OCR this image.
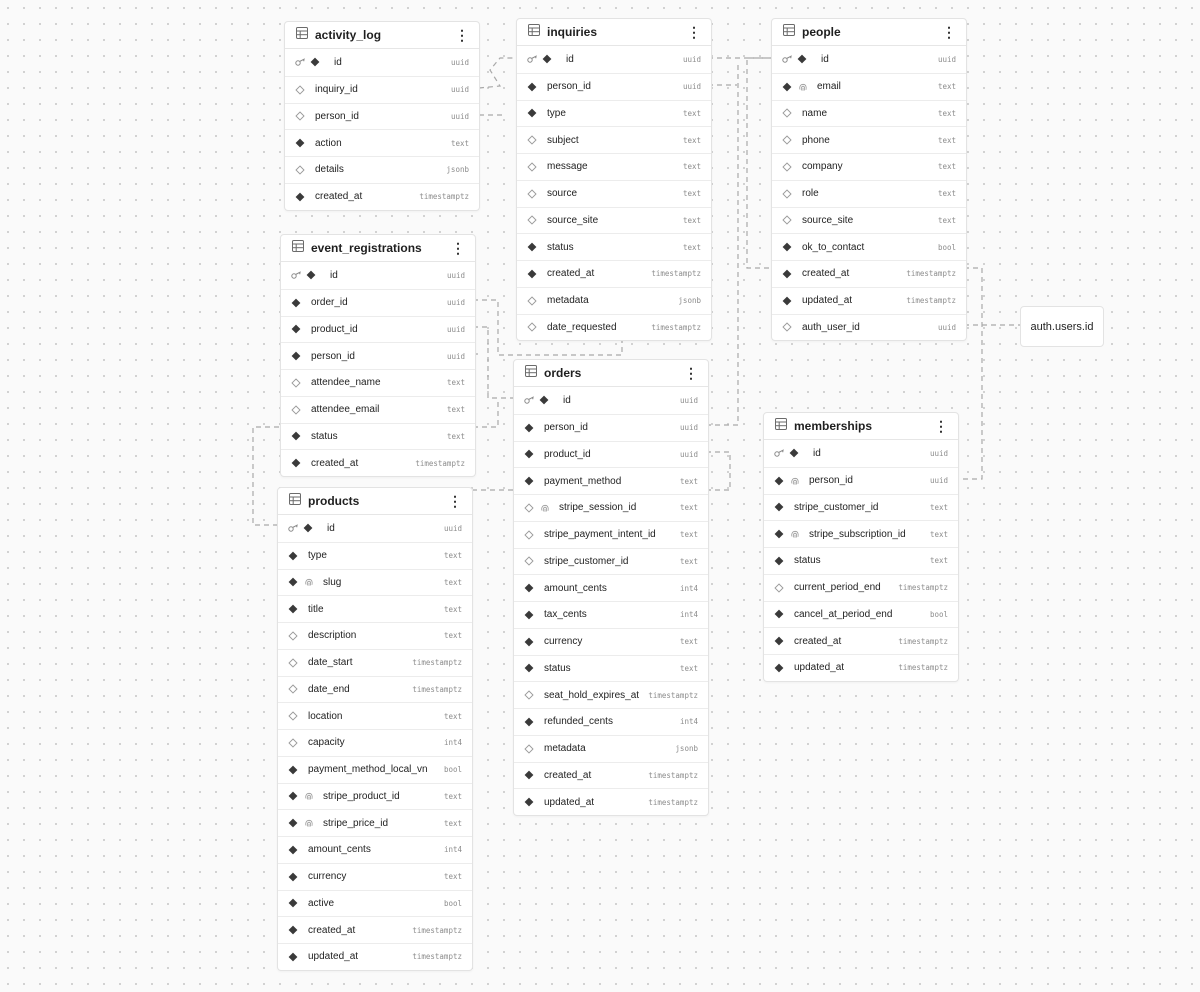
activity_log	⋮
id	uuid
inquiry_id	uuid
person_id	uuid
action	text
details	jsonb
created_at	timestamptz
inquiries	⋮
id	uuid
person_id	uuid
type	text
subject	text
message	text
source	text
source_site	text
status	text
created_at	timestamptz
metadata	jsonb
date_requested	timestamptz
people	⋮
id	uuid
email	text
name	text
phone	text
company	text
role	text
source_site	text
ok_to_contact	bool
created_at	timestamptz
updated_at	timestamptz
auth_user_id	uuid
event_registrations	⋮
id	uuid
order_id	uuid
product_id	uuid
person_id	uuid
attendee_name	text
attendee_email	text
status	text
created_at	timestamptz
orders	⋮
id	uuid
person_id	uuid
product_id	uuid
payment_method	text
stripe_session_id	text
stripe_payment_intent_id	text
stripe_customer_id	text
amount_cents	int4
tax_cents	int4
currency	text
status	text
seat_hold_expires_at	timestamptz
refunded_cents	int4
metadata	jsonb
created_at	timestamptz
updated_at	timestamptz
memberships	⋮
id	uuid
person_id	uuid
stripe_customer_id	text
stripe_subscription_id	text
status	text
current_period_end	timestamptz
cancel_at_period_end	bool
created_at	timestamptz
updated_at	timestamptz
products	⋮
id	uuid
type	text
slug	text
title	text
description	text
date_start	timestamptz
date_end	timestamptz
location	text
capacity	int4
payment_method_local_vn	bool
stripe_product_id	text
stripe_price_id	text
amount_cents	int4
currency	text
active	bool
created_at	timestamptz
updated_at	timestamptz
auth.users.id
